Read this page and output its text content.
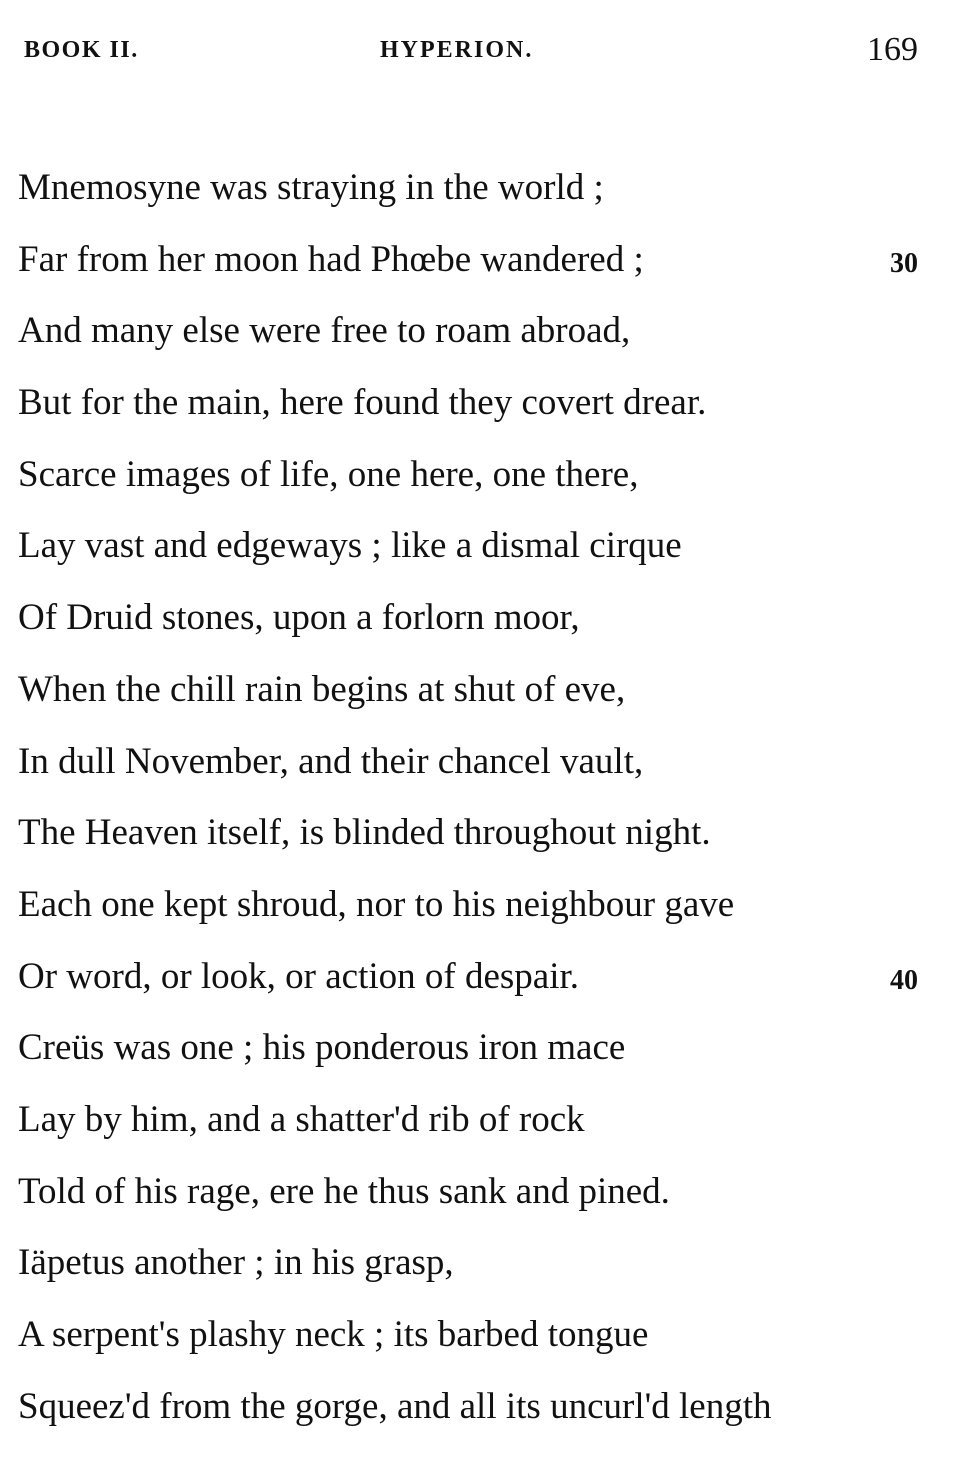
BOOK II.	HYPERION.	169
Mnemosyne was straying in the world ;
Far from her moon had Phœbe wandered ;	30
And many else were free to roam abroad,
But for the main, here found they covert drear.
Scarce images of life, one here, one there,
Lay vast and edgeways ; like a dismal cirque
Of Druid stones, upon a forlorn moor,
When the chill rain begins at shut of eve,
In dull November, and their chancel vault,
The Heaven itself, is blinded throughout night.
Each one kept shroud, nor to his neighbour gave
Or word, or look, or action of despair.	40
Creüs was one ; his ponderous iron mace
Lay by him, and a shatter'd rib of rock
Told of his rage, ere he thus sank and pined.
Iäpetus another ; in his grasp,
A serpent's plashy neck ; its barbed tongue
Squeez'd from the gorge, and all its uncurl'd length
